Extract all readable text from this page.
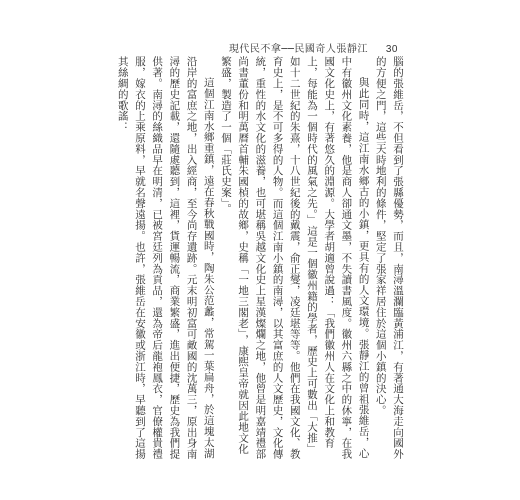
現代民不拿──民國奇人張靜江 30

腦的張維岳，不但看到了張縣優勢，而且，南潯溫瀾臨黃浦江，有著通大海走向國外的方便之門，這些天時地利的條件，堅定了張家祥居住於這個小鎮的決心。

與此同時，這江南水鄉古的小鎮，更具有的人文環境。張靜江的曾祖張維岳，心中有徽州文化素養，他是商人卻通文墨，不失讀書風度。徽州六縣之中的休寧，在我國文化史上，有著悠久的淵源。大學者胡適曾說過：「我們徽州人在文化上和教育上，每能為一個時代的風氣之先。」這是一個徽州籍的學者，歷史上可數出「大推」如十二世紀的朱熹，十八世紀後的戴震，俞正燮，凌廷堪等等。他們在我國文化、教育史上，是不可多得的人物。而這個江南小鎮的南潯，以其富庶的人文歷史，文化傳統，重性的水文化的滋養，也可堪稱吳越文化史上星漢燦爛之地，他曾是明嘉靖禮部尚書董份和明萬曆首輔朱國楨的故鄉，史稱「一地三閣老」，康熙皇帝就因此地文化繁盛，製造了一個「莊氏史案」。

這個江南水鄉重鎮，遠在春秋戰國時，陶朱公范蠡，常駕一葉扁舟，於這塊太湖沿岸的富庶之地，出入經商，至今尚存遺跡。元末明初富可敵國的沈萬三，原出身南潯的歷史記載，還隨處聽到，這裡，貨運暢流，商業繁盛，進出便捷，歷史為我們提供著。南潯的絲織品早在明清，已被宮廷列為貢品，還為帝后龍袍鳳衣，官僚權貴禮服，嫁衣的上乘原料，早就名聲遠揚。也許，張維岳在安徽或浙江時，早聽到了這揚其絲綢的歌謠：
